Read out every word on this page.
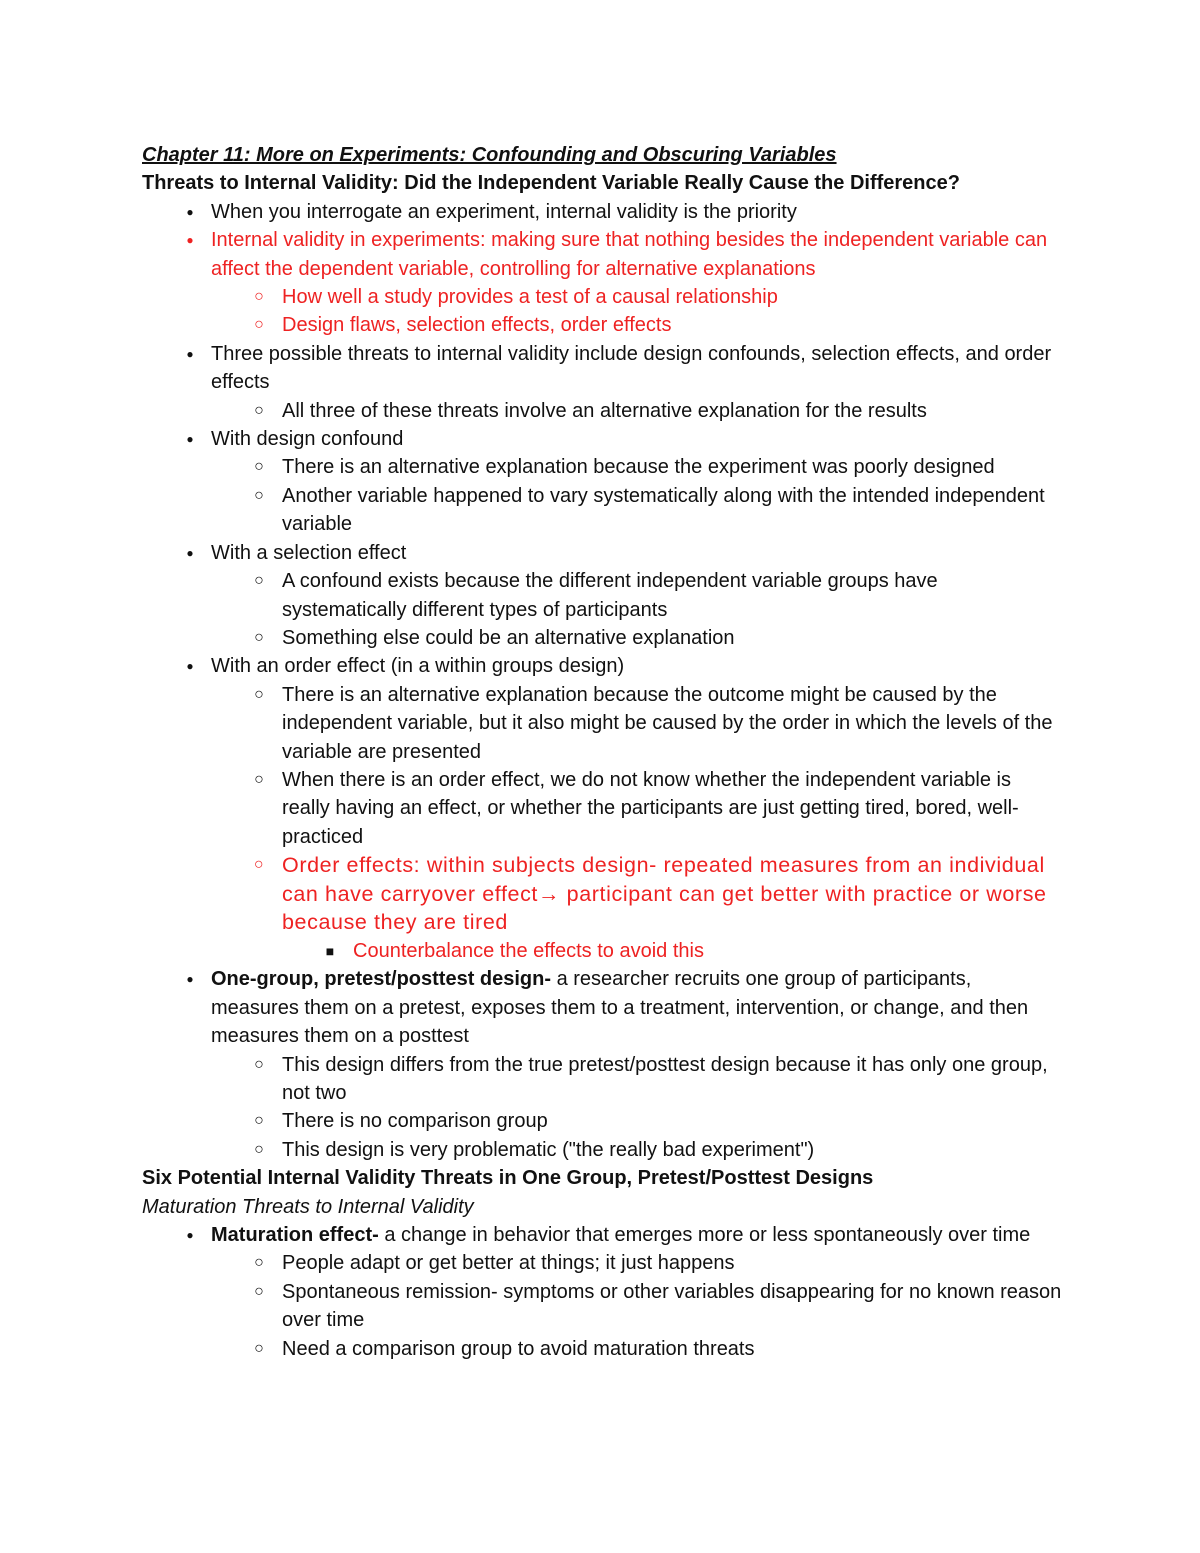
Chapter 11: More on Experiments: Confounding and Obscuring Variables

Threats to Internal Validity: Did the Independent Variable Really Cause the Difference?

● When you interrogate an experiment, internal validity is the priority
● Internal validity in experiments: making sure that nothing besides the independent variable can affect the dependent variable, controlling for alternative explanations
○ How well a study provides a test of a causal relationship
○ Design flaws, selection effects, order effects
● Three possible threats to internal validity include design confounds, selection effects, and order effects
○ All three of these threats involve an alternative explanation for the results
● With design confound
○ There is an alternative explanation because the experiment was poorly designed
○ Another variable happened to vary systematically along with the intended independent variable
● With a selection effect
○ A confound exists because the different independent variable groups have systematically different types of participants
○ Something else could be an alternative explanation
● With an order effect (in a within groups design)
○ There is an alternative explanation because the outcome might be caused by the independent variable, but it also might be caused by the order in which the levels of the variable are presented
○ When there is an order effect, we do not know whether the independent variable is really having an effect, or whether the participants are just getting tired, bored, well-practiced
○ Order effects: within subjects design- repeated measures from an individual can have carryover effect→ participant can get better with practice or worse because they are tired
■ Counterbalance the effects to avoid this
● One-group, pretest/posttest design- a researcher recruits one group of participants, measures them on a pretest, exposes them to a treatment, intervention, or change, and then measures them on a posttest
○ This design differs from the true pretest/posttest design because it has only one group, not two
○ There is no comparison group
○ This design is very problematic ("the really bad experiment")

Six Potential Internal Validity Threats in One Group, Pretest/Posttest Designs

Maturation Threats to Internal Validity

● Maturation effect- a change in behavior that emerges more or less spontaneously over time
○ People adapt or get better at things; it just happens
○ Spontaneous remission- symptoms or other variables disappearing for no known reason over time
○ Need a comparison group to avoid maturation threats
